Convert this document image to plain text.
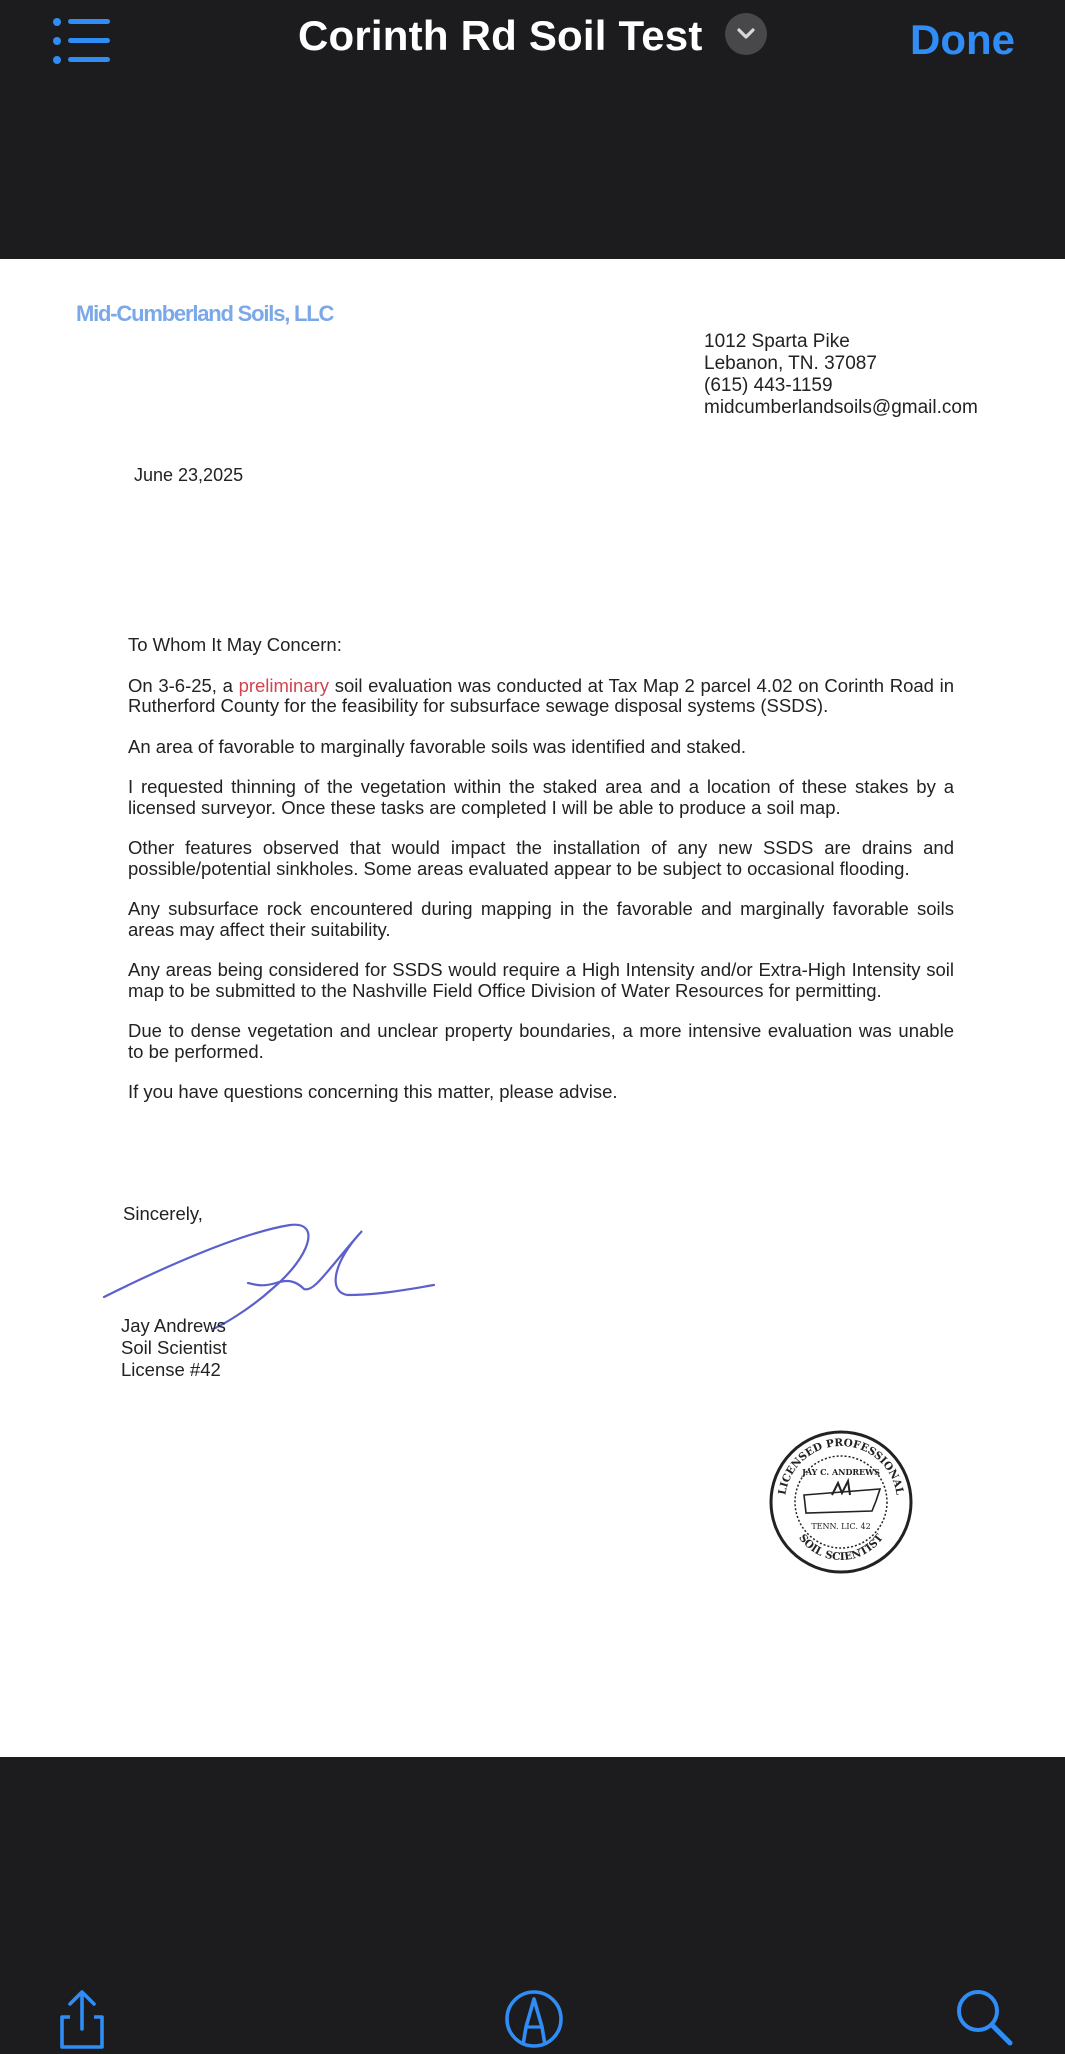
Corinth Rd Soil Test	Done
Mid-Cumberland Soils, LLC
1012 Sparta Pike
Lebanon, TN. 37087
(615) 443-1159
midcumberlandsoils@gmail.com
June 23,2025

To Whom It May Concern:

On 3-6-25, a preliminary soil evaluation was conducted at Tax Map 2 parcel 4.02 on Corinth Road in Rutherford County for the feasibility for subsurface sewage disposal systems (SSDS).

An area of favorable to marginally favorable soils was identified and staked.

I requested thinning of the vegetation within the staked area and a location of these stakes by a licensed surveyor. Once these tasks are completed I will be able to produce a soil map.

Other features observed that would impact the installation of any new SSDS are drains and possible/potential sinkholes. Some areas evaluated appear to be subject to occasional flooding.

Any subsurface rock encountered during mapping in the favorable and marginally favorable soils areas may affect their suitability.

Any areas being considered for SSDS would require a High Intensity and/or Extra-High Intensity soil map to be submitted to the Nashville Field Office Division of Water Resources for permitting.

Due to dense vegetation and unclear property boundaries, a more intensive evaluation was unable to be performed.

If you have questions concerning this matter, please advise.

Sincerely,
Jay Andrews
Soil Scientist
License #42
LICENSED PROFESSIONAL
SOIL SCIENTIST
JAY C. ANDREWS
TENN. LIC. 42
